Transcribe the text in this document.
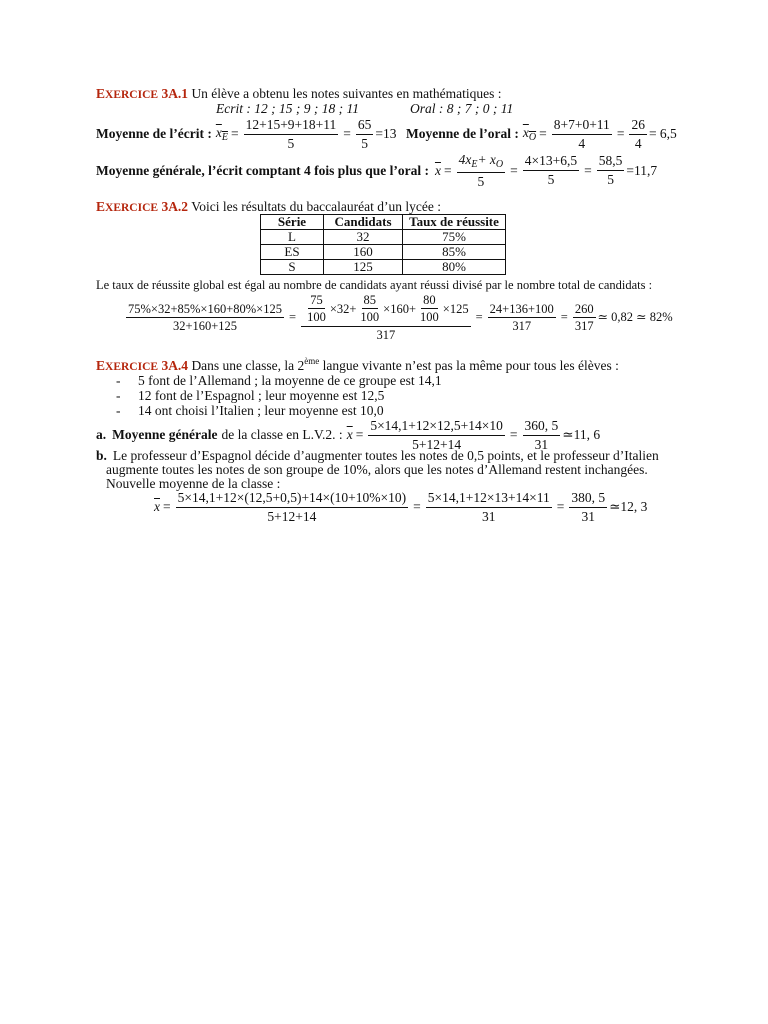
EXERCICE 3A.1 Un élève a obtenu les notes suivantes en mathématiques :
Ecrit : 12 ; 15 ; 9 ; 18 ; 11	Oral : 8 ; 7 ; 0 ; 11
Moyenne de l’écrit : $x_E = \frac{12+15+9+18+11}{5} = \frac{65}{5} =13$ Moyenne de l’oral : $x_O = \frac{8+7+0+11}{4} = \frac{26}{4} = 6,5$
Moyenne générale, l’écrit comptant 4 fois plus que l’oral : $\overline{x} = \frac{4x_E+ x_O}{5} = \frac{4\times 13+6,5}{5} = \frac{58,5}{5} =11,7$
EXERCICE 3A.2 Voici les résultats du baccalauréat d’un lycée :
Série	Candidats	Taux de réussite
L	32	75%
ES	160	85%
S	125	80%
Le taux de réussite global est égal au nombre de candidats ayant réussi divisé par le nombre total de candidats :
$\frac{75\%\times 32+85\%\times 160+80\%\times 125}{32+160+125} = \frac{\frac{75}{100} \times 32+ \frac{85}{100} \times 160+ \frac{80}{100} \times 125}{317} = \frac{24+136+100}{317} = \frac{260}{317}$ ≃ 0,82 ≃ 82%
EXERCICE 3A.4 Dans une classe, la 2ème langue vivante n’est pas la même pour tous les élèves :
- 5 font de l’Allemand ; la moyenne de ce groupe est 14,1
- 12 font de l’Espagnol ; leur moyenne est 12,5
- 14 ont choisi l’Italien ; leur moyenne est 10,0
a. Moyenne générale de la classe en L.V.2. : $\overline{x} = \frac{5\times 14,1+12\times 12,5+14\times 10}{5+12+14} = \frac{360, 5}{31}$ ≃11, 6
b. Le professeur d’Espagnol décide d’augmenter toutes les notes de 0,5 points, et le professeur d’Italien
augmente toutes les notes de son groupe de 10%, alors que les notes d’Allemand restent inchangées.
Nouvelle moyenne de la classe :
$\overline{x} = \frac{5\times 14,1+12\times(12,5+0,5)+14\times(10+10\%\times 10)}{5+12+14} = \frac{5\times 14,1+12\times 13+14\times 11}{31} = \frac{380, 5}{31}$ ≃12, 3
